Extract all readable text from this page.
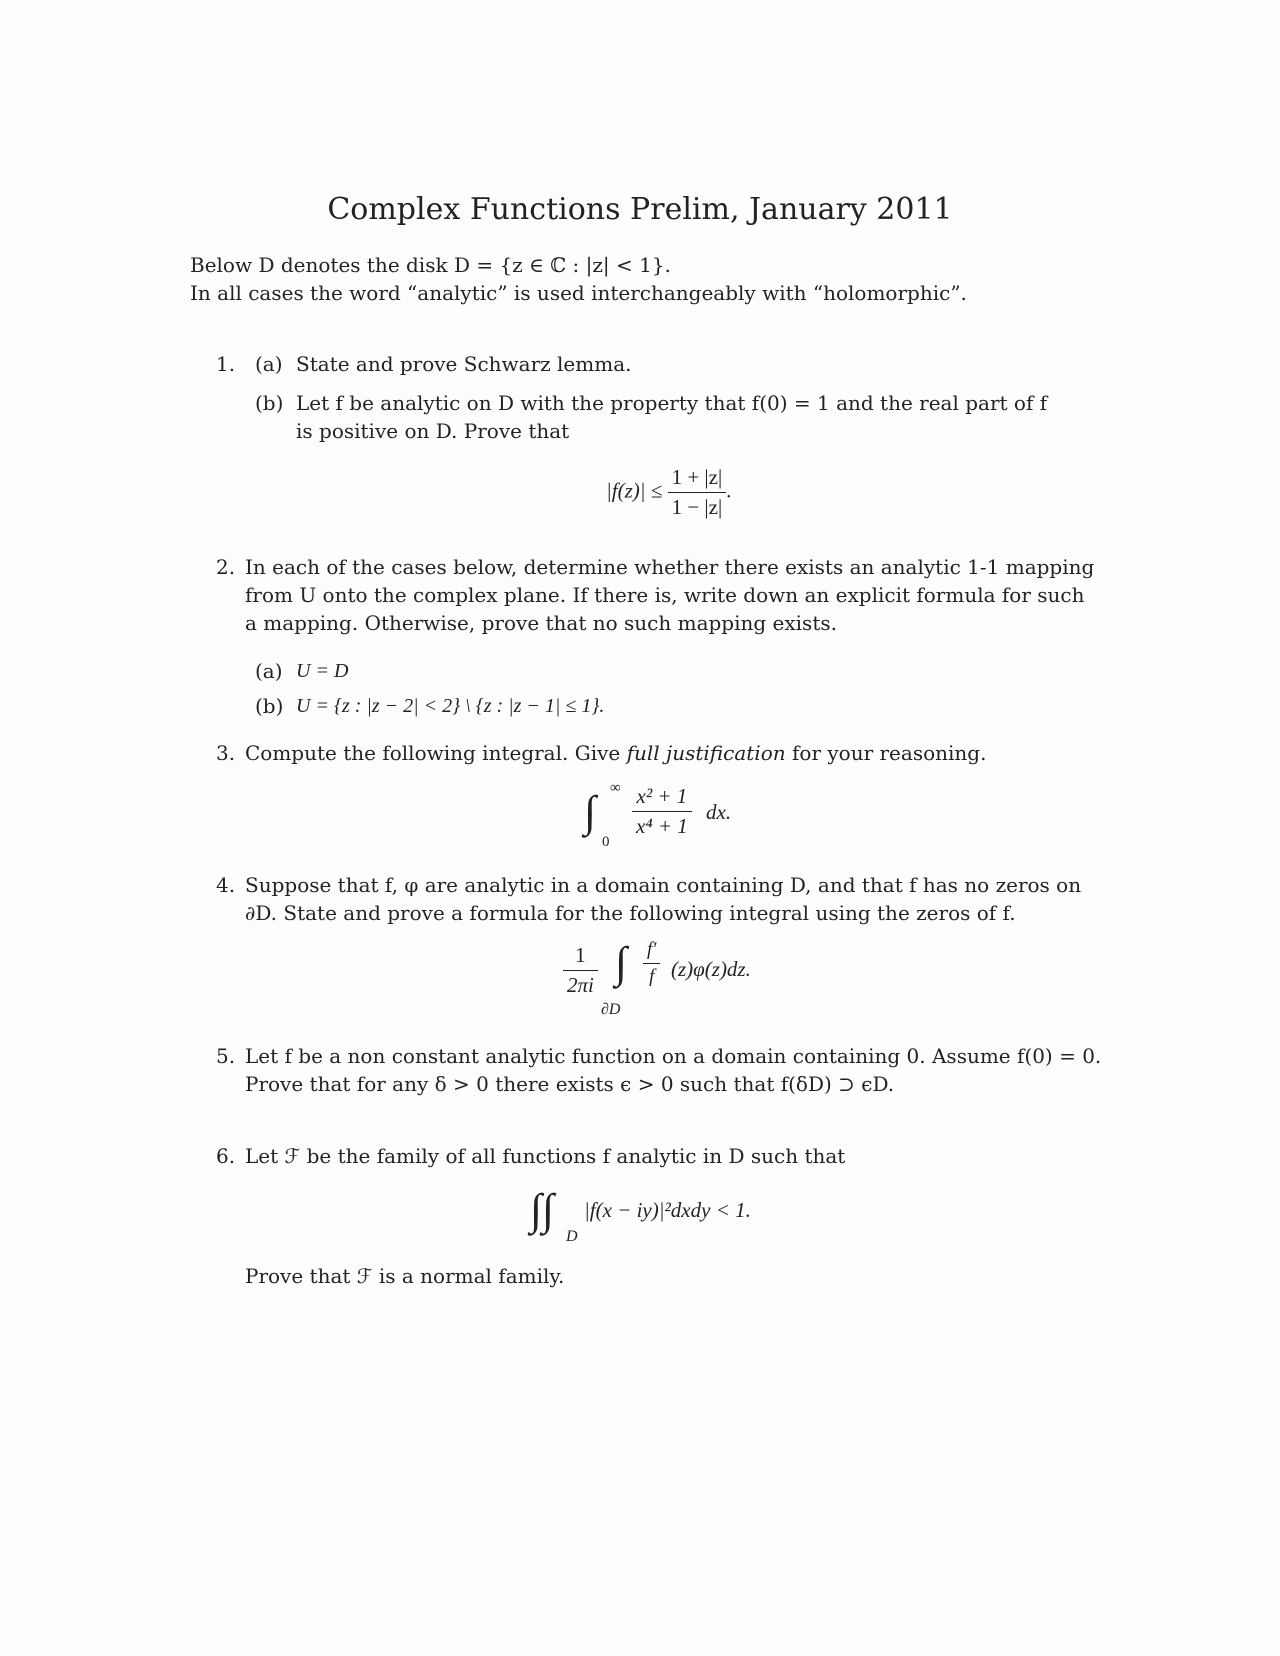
Complex Functions Prelim, January 2011
Below D denotes the disk D = {z ∈ ℂ : |z| < 1}.
In all cases the word “analytic” is used interchangeably with “holomorphic”.
1. (a) State and prove Schwarz lemma.
(b) Let f be analytic on D with the property that f(0) = 1 and the real part of f
is positive on D. Prove that
$|f(z)| \le \frac{1 + |z|}{1 - |z|}$ .
2. In each of the cases below, determine whether there exists an analytic 1-1 mapping
from U onto the complex plane. If there is, write down an explicit formula for such
a mapping. Otherwise, prove that no such mapping exists.
(a) U = D
(b) U = {z : |z − 2| < 2} \ {z : |z − 1| ≤ 1}.
3. Compute the following integral. Give full justification for your reasoning.
∫ ∞
0
$\frac{\text{x² + 1}}{\text{x⁴ + 1}}$ dx.
4. Suppose that f, φ are analytic in a domain containing D, and that f has no zeros on
∂D. State and prove a formula for the following integral using the zeros of f.
$\frac{1}{2\pi i}$ ∫
∂D
$\frac{f'}{f} (z)\varphi(z)dz$.
5. Let f be a non constant analytic function on a domain containing 0. Assume f(0) = 0.
Prove that for any δ > 0 there exists ϵ > 0 such that f(δD) ⊃ ϵD.
6. Let ℱ be the family of all functions f analytic in D such that
∫∫
D
|f(x − iy)|²dxdy < 1.
Prove that ℱ is a normal family.
